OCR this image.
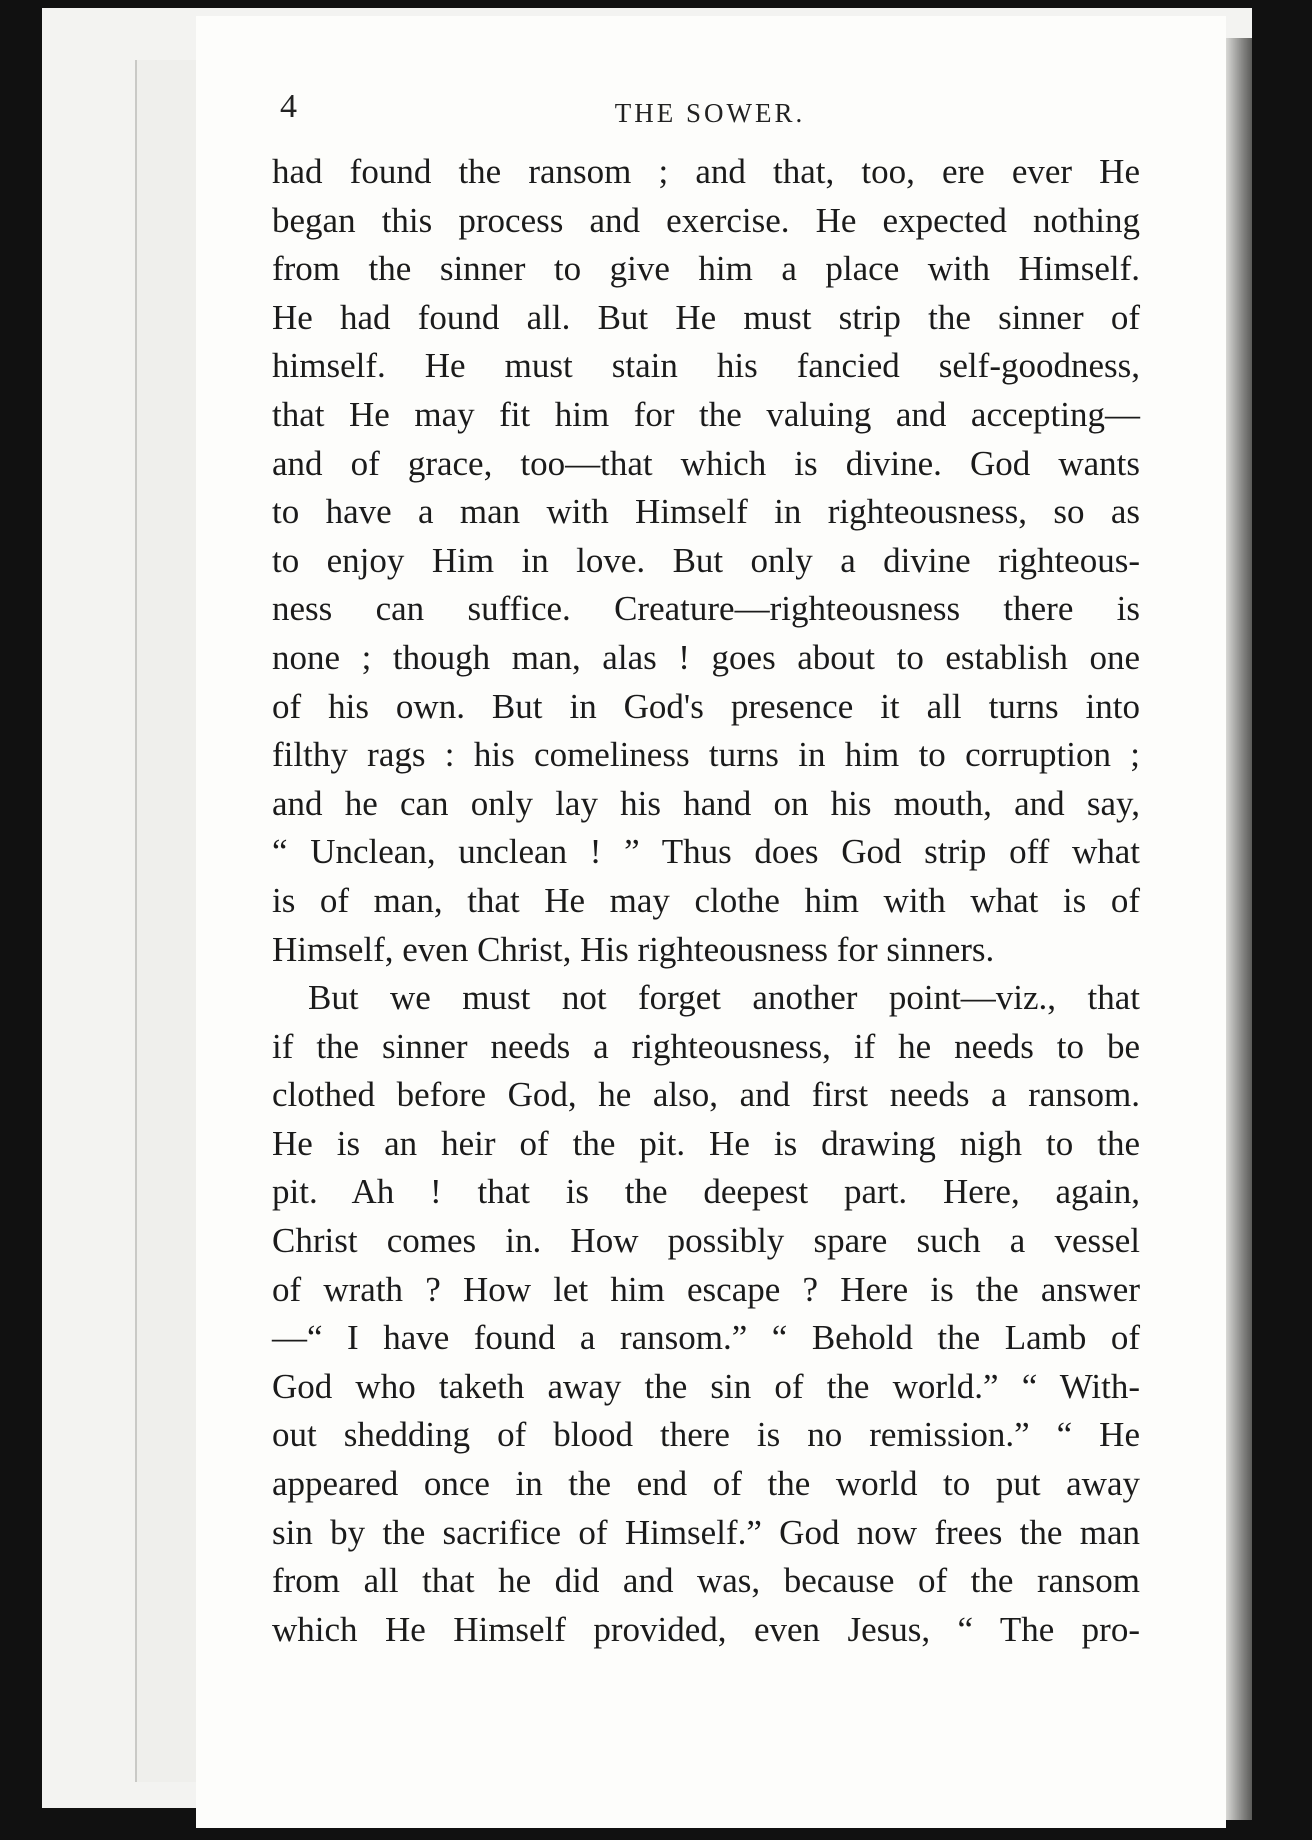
4	THE SOWER.
had found the ransom ; and that, too, ere ever He
began this process and exercise. He expected nothing
from the sinner to give him a place with Himself.
He had found all. But He must strip the sinner of
himself. He must stain his fancied self-goodness,
that He may fit him for the valuing and accepting—
and of grace, too—that which is divine. God wants
to have a man with Himself in righteousness, so as
to enjoy Him in love. But only a divine righteous-
ness can suffice. Creature—righteousness there is
none ; though man, alas ! goes about to establish one
of his own. But in God's presence it all turns into
filthy rags : his comeliness turns in him to corruption ;
and he can only lay his hand on his mouth, and say,
“ Unclean, unclean ! ” Thus does God strip off what
is of man, that He may clothe him with what is of
Himself, even Christ, His righteousness for sinners.
But we must not forget another point—viz., that
if the sinner needs a righteousness, if he needs to be
clothed before God, he also, and first needs a ransom.
He is an heir of the pit. He is drawing nigh to the
pit. Ah ! that is the deepest part. Here, again,
Christ comes in. How possibly spare such a vessel
of wrath ? How let him escape ? Here is the answer
—“ I have found a ransom.” “ Behold the Lamb of
God who taketh away the sin of the world.” “ With-
out shedding of blood there is no remission.” “ He
appeared once in the end of the world to put away
sin by the sacrifice of Himself.” God now frees the man
from all that he did and was, because of the ransom
which He Himself provided, even Jesus, “ The pro-
